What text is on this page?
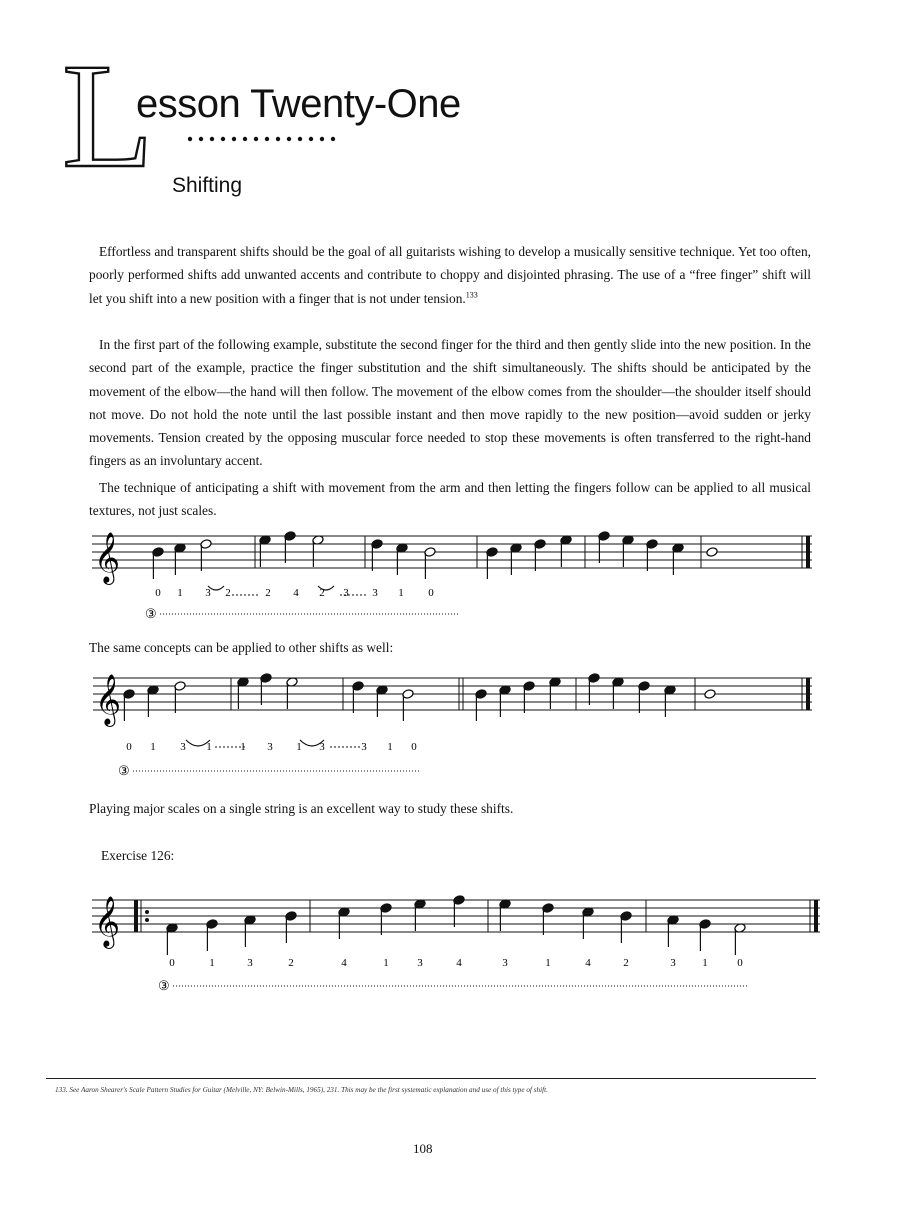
L
esson Twenty-One
Shifting
Effortless and transparent shifts should be the goal of all guitarists wishing to develop a musically sensitive technique. Yet too often, poorly performed shifts add unwanted accents and contribute to choppy and disjointed phrasing. The use of a “free finger” shift will let you shift into a new position with a finger that is not under tension.$^{133}$
In the first part of the following example, substitute the second finger for the third and then gently slide into the new position. In the second part of the example, practice the finger substitution and the shift simultaneously. The shifts should be anticipated by the movement of the elbow—the hand will then follow. The movement of the elbow comes from the shoulder—the shoulder itself should not move. Do not hold the note until the last possible instant and then move rapidly to the new position—avoid sudden or jerky movements. Tension created by the opposing muscular force needed to stop these movements is often transferred to the right-hand fingers as an involuntary accent.
The technique of anticipating a shift with movement from the arm and then letting the fingers follow can be applied to all musical textures, not just scales.
𝄞
0 1 3 2	2 4 2 3 3 1 0
③
The same concepts can be applied to other shifts as well:
𝄞
0 1 3 1	1 3 1 3	3 1 0
③
Playing major scales on a single string is an excellent way to study these shifts.
Exercise 126:
𝄞
0	1	3	2	4	1	3	4	3	1	4	2	3 1	0
③
133. See Aaron Shearer's Scale Pattern Studies for Guitar (Melville, NY: Belwin-Mills, 1965), 231. This may be the first systematic explanation and use of this type of shift.
108
